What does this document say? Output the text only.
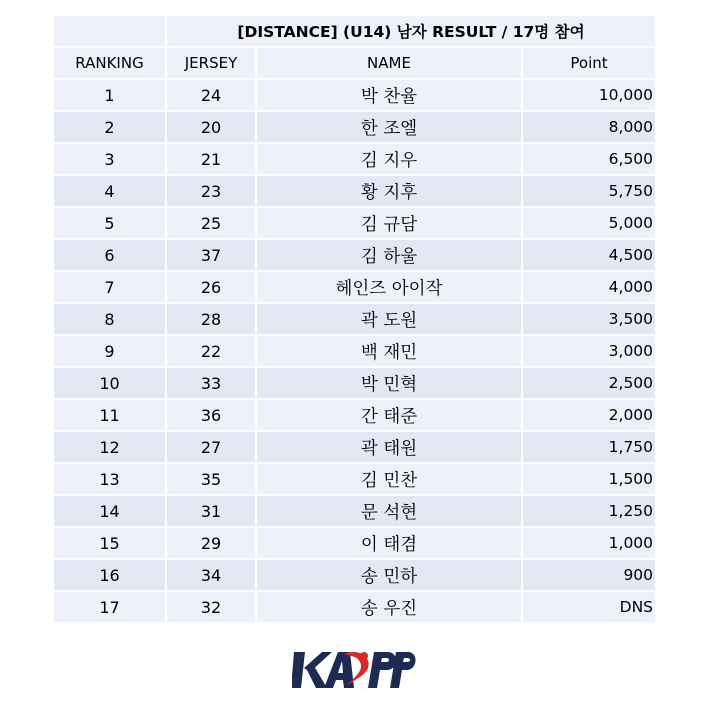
	[DISTANCE] (U14) 남자 RESULT / 17명 참여		
RANKING	JERSEY	NAME	Point
1	24	박 찬율	10,000
2	20	한 조엘	8,000
3	21	김 지우	6,500
4	23	황 지후	5,750
5	25	김 규담	5,000
6	37	김 하울	4,500
7	26	헤인즈 아이작	4,000
8	28	곽 도원	3,500
9	22	백 재민	3,000
10	33	박 민혁	2,500
11	36	간 태준	2,000
12	27	곽 태원	1,750
13	35	김 민찬	1,500
14	31	문 석현	1,250
15	29	이 태겸	1,000
16	34	송 민하	900
17	32	송 우진	DNS
